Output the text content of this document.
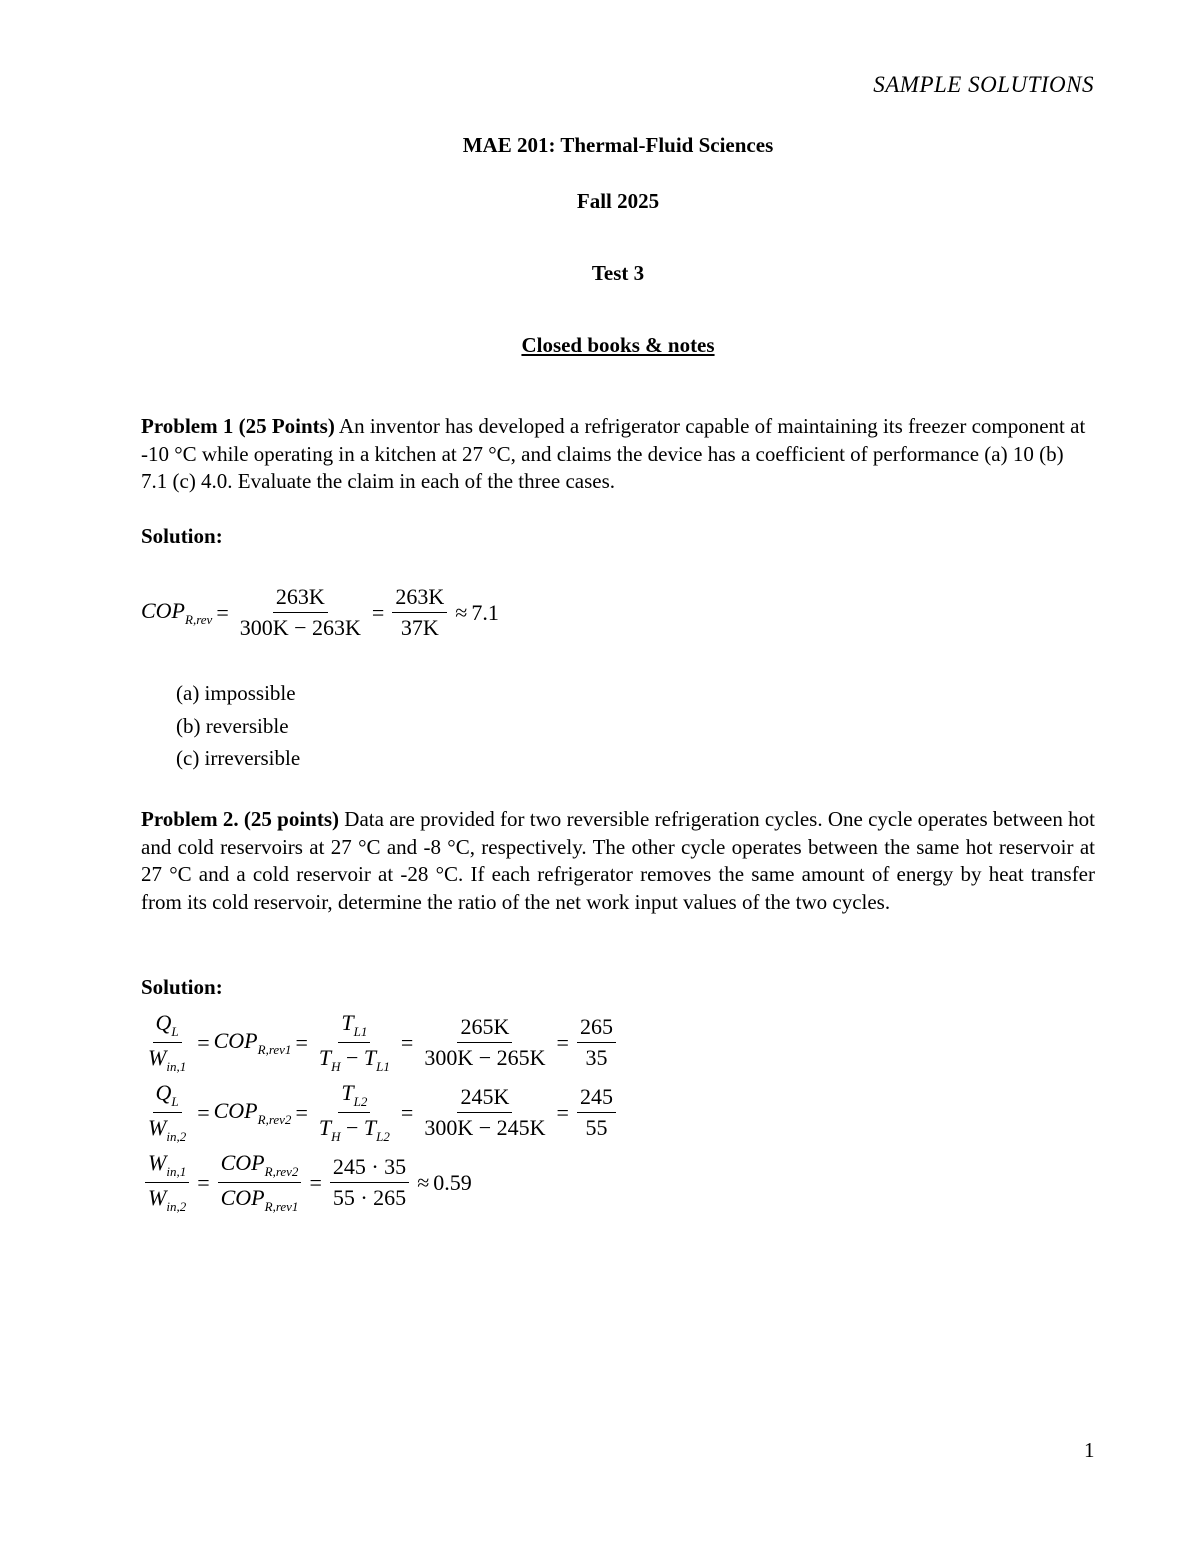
SAMPLE SOLUTIONS
MAE 201: Thermal-Fluid Sciences
Fall 2025
Test 3
Closed books & notes
Problem 1 (25 Points) An inventor has developed a refrigerator capable of maintaining its freezer component at -10 °C while operating in a kitchen at 27 °C, and claims the device has a coefficient of performance (a) 10 (b) 7.1 (c) 4.0. Evaluate the claim in each of the three cases.
Solution:
$COP_{R,rev} = \frac{263K}{300K - 263K} = \frac{263K}{37K} \approx 7.1$
(a) impossible
(b) reversible
(c) irreversible
Problem 2. (25 points) Data are provided for two reversible refrigeration cycles. One cycle operates between hot and cold reservoirs at 27 °C and -8 °C, respectively. The other cycle operates between the same hot reservoir at 27 °C and a cold reservoir at -28 °C. If each refrigerator removes the same amount of energy by heat transfer from its cold reservoir, determine the ratio of the net work input values of the two cycles.
Solution:
$\frac{Q_L}{W_{in,1}} = COP_{R,rev1} = \frac{T_{L1}}{T_H - T_{L1}} = \frac{265K}{300K - 265K} = \frac{265}{35}$
$\frac{Q_L}{W_{in,2}} = COP_{R,rev2} = \frac{T_{L2}}{T_H - T_{L2}} = \frac{245K}{300K - 245K} = \frac{245}{55}$
$\frac{W_{in,1}}{W_{in,2}} = \frac{COP_{R,rev2}}{COP_{R,rev1}} = \frac{245 \cdot 35}{55 \cdot 265} \approx 0.59$
1
